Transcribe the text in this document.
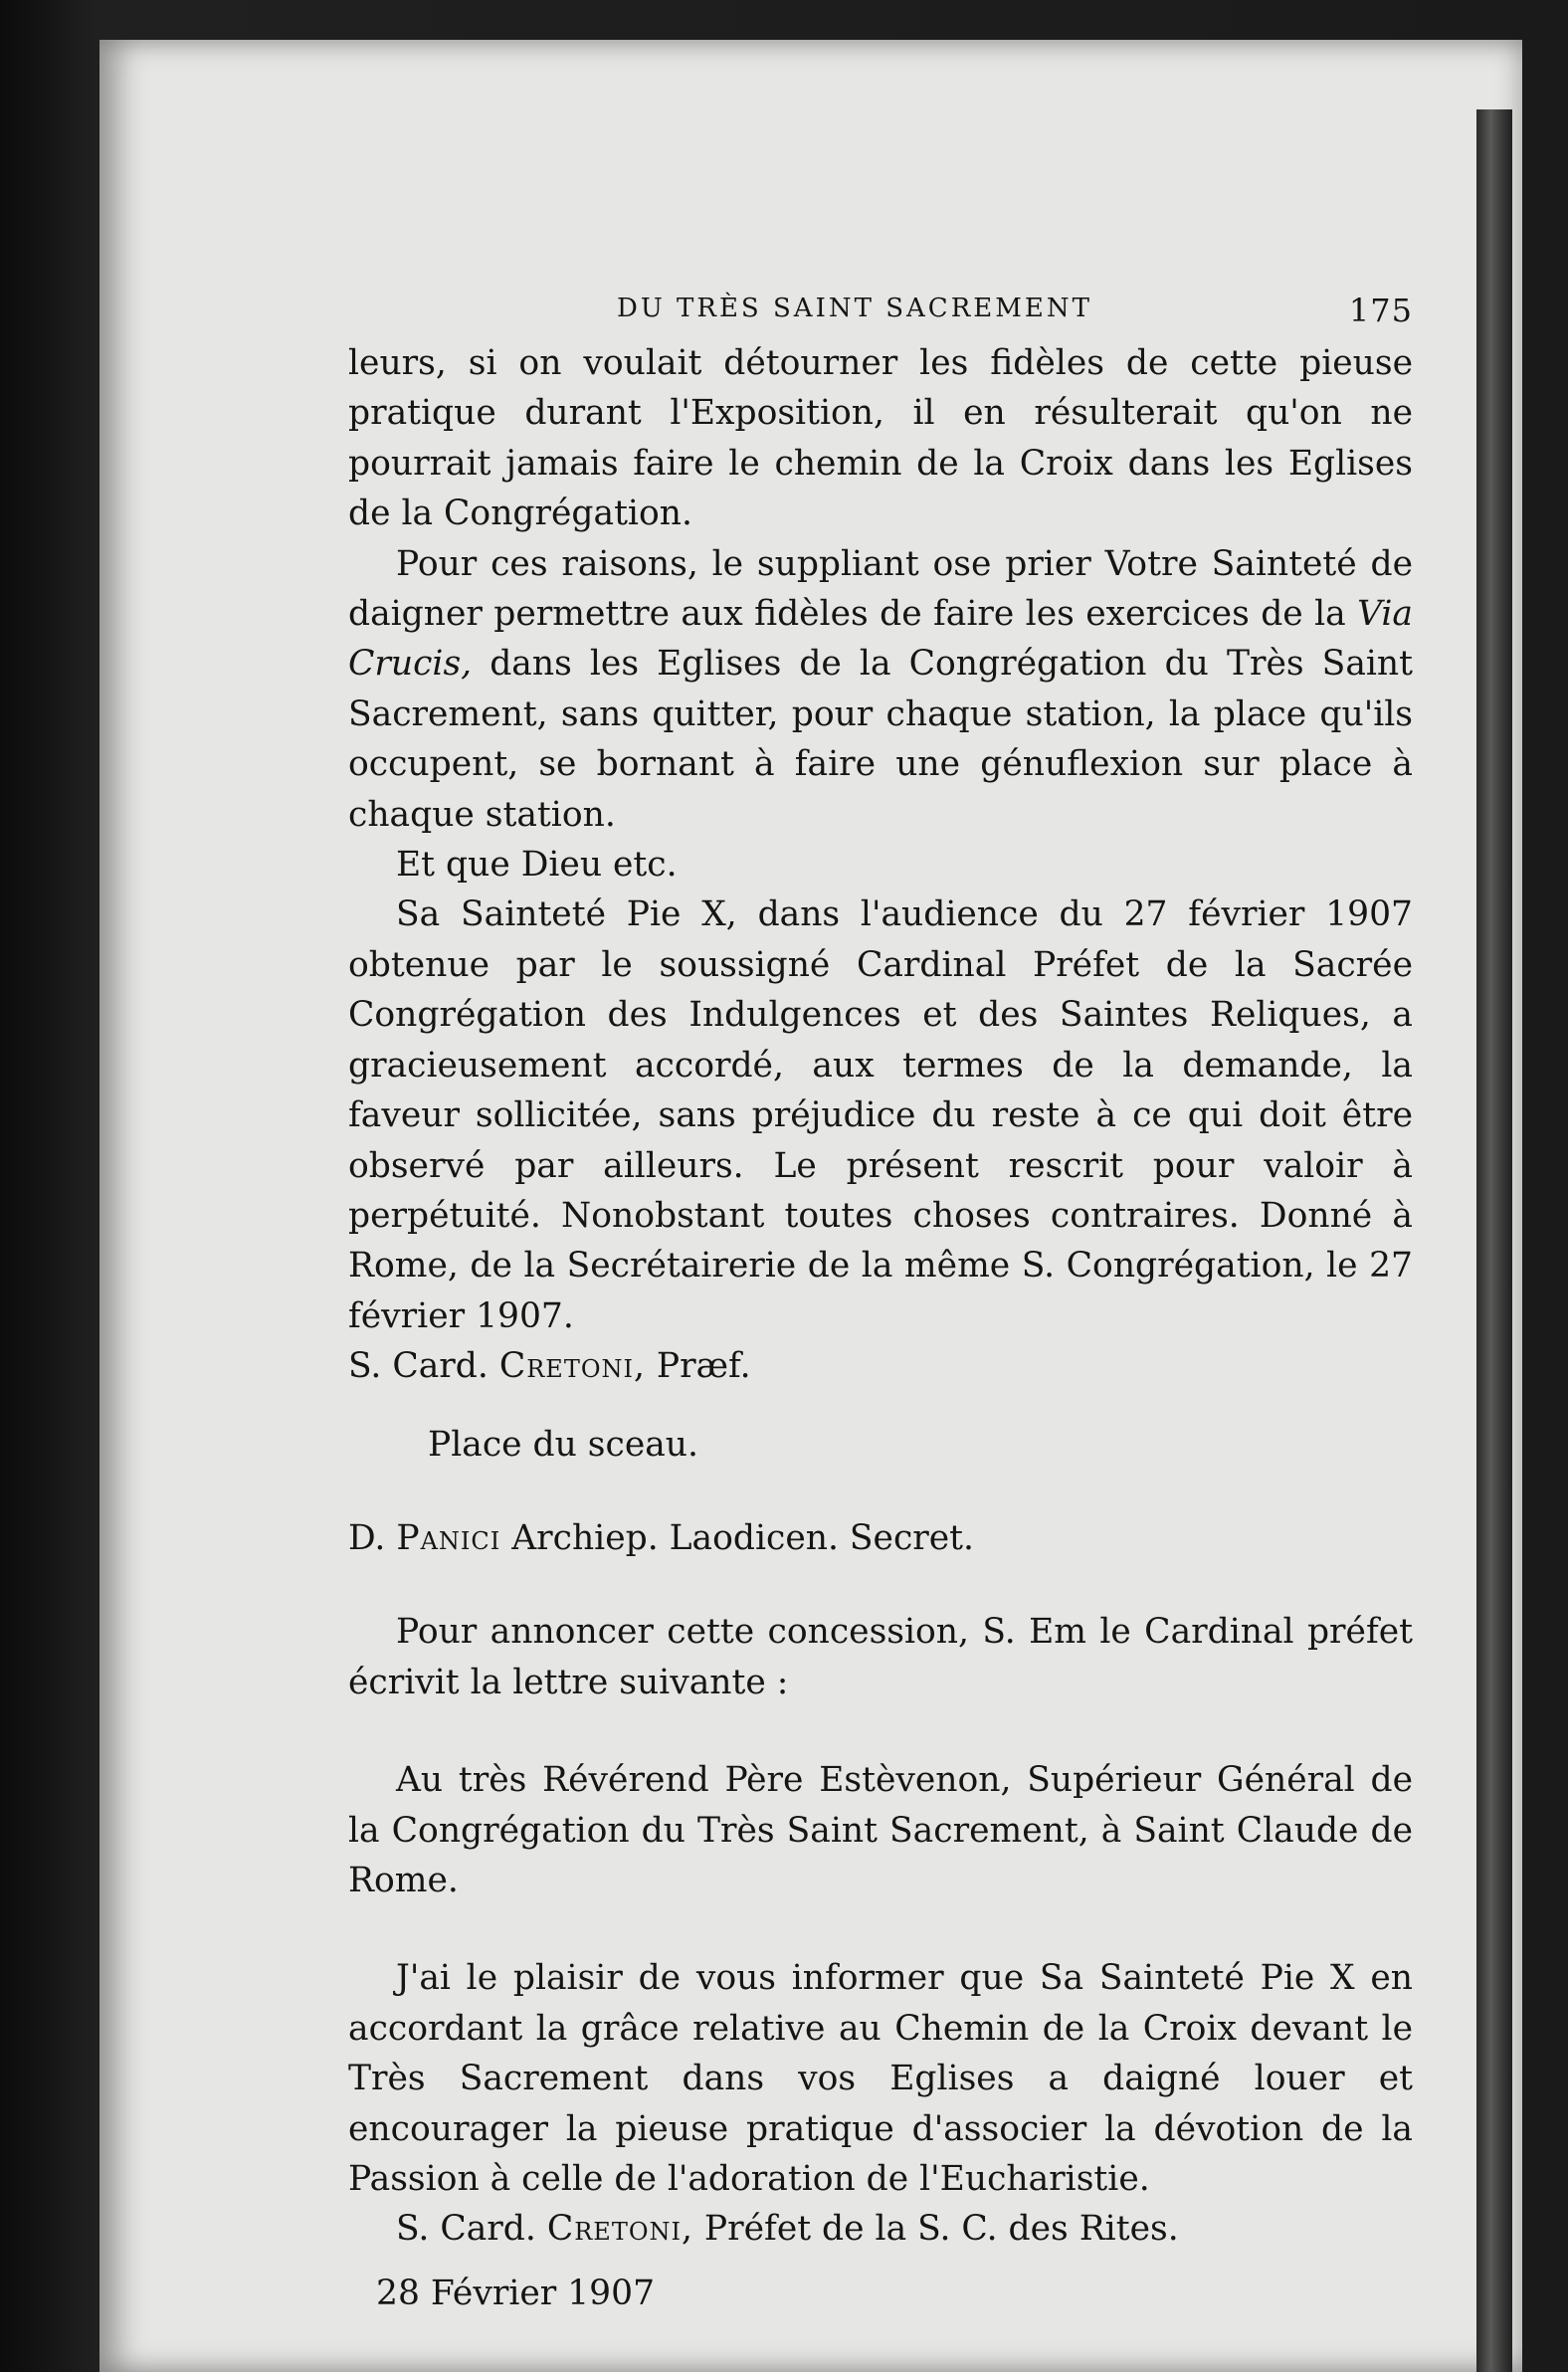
DU TRÈS SAINT SACREMENT	175

leurs, si on voulait détourner les fidèles de cette pieuse pratique durant l'Exposition, il en résulterait qu'on ne pourrait jamais faire le chemin de la Croix dans les Eglises de la Congrégation.

Pour ces raisons, le suppliant ose prier Votre Sainteté de daigner permettre aux fidèles de faire les exercices de la Via Crucis, dans les Eglises de la Congrégation du Très Saint Sacrement, sans quitter, pour chaque station, la place qu'ils occupent, se bornant à faire une génuflexion sur place à chaque station.

Et que Dieu etc.

Sa Sainteté Pie X, dans l'audience du 27 février 1907 obtenue par le soussigné Cardinal Préfet de la Sacrée Congrégation des Indulgences et des Saintes Reliques, a gracieusement accordé, aux termes de la demande, la faveur sollicitée, sans préjudice du reste à ce qui doit être observé par ailleurs. Le présent rescrit pour valoir à perpétuité. Nonobstant toutes choses contraires. Donné à Rome, de la Secrétairerie de la même S. Congrégation, le 27 février 1907.

S. Card. Cretoni, Præf.

Place du sceau.

D. Panici Archiep. Laodicen. Secret.

Pour annoncer cette concession, S. Em le Cardinal préfet écrivit la lettre suivante :

Au très Révérend Père Estèvenon, Supérieur Général de la Congrégation du Très Saint Sacrement, à Saint Claude de Rome.

J'ai le plaisir de vous informer que Sa Sainteté Pie X en accordant la grâce relative au Chemin de la Croix devant le Très Sacrement dans vos Eglises a daigné louer et encourager la pieuse pratique d'associer la dévotion de la Passion à celle de l'adoration de l'Eucharistie.

S. Card. Cretoni, Préfet de la S. C. des Rites.

28 Février 1907
